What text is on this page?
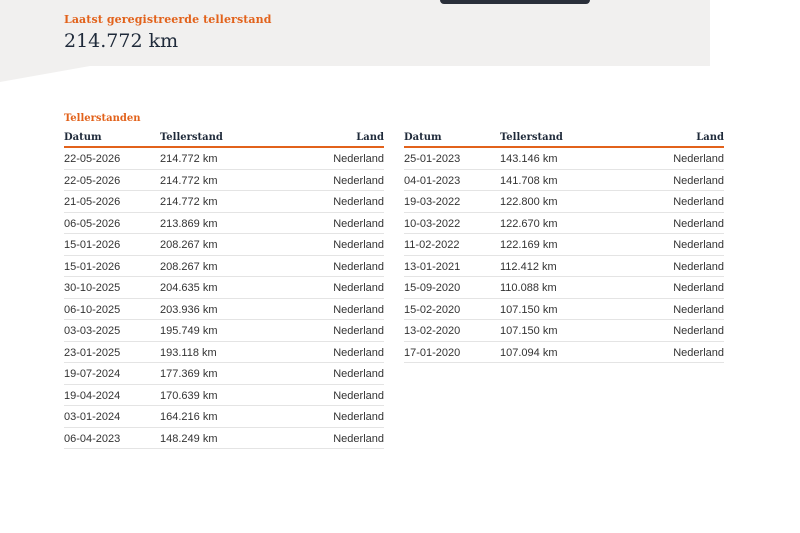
Laatst geregistreerde tellerstand
214.772 km
Tellerstanden
Datum	Tellerstand	Land
22-05-2026	214.772 km	Nederland
22-05-2026	214.772 km	Nederland
21-05-2026	214.772 km	Nederland
06-05-2026	213.869 km	Nederland
15-01-2026	208.267 km	Nederland
15-01-2026	208.267 km	Nederland
30-10-2025	204.635 km	Nederland
06-10-2025	203.936 km	Nederland
03-03-2025	195.749 km	Nederland
23-01-2025	193.118 km	Nederland
19-07-2024	177.369 km	Nederland
19-04-2024	170.639 km	Nederland
03-01-2024	164.216 km	Nederland
06-04-2023	148.249 km	Nederland
Datum	Tellerstand	Land
25-01-2023	143.146 km	Nederland
04-01-2023	141.708 km	Nederland
19-03-2022	122.800 km	Nederland
10-03-2022	122.670 km	Nederland
11-02-2022	122.169 km	Nederland
13-01-2021	112.412 km	Nederland
15-09-2020	110.088 km	Nederland
15-02-2020	107.150 km	Nederland
13-02-2020	107.150 km	Nederland
17-01-2020	107.094 km	Nederland
